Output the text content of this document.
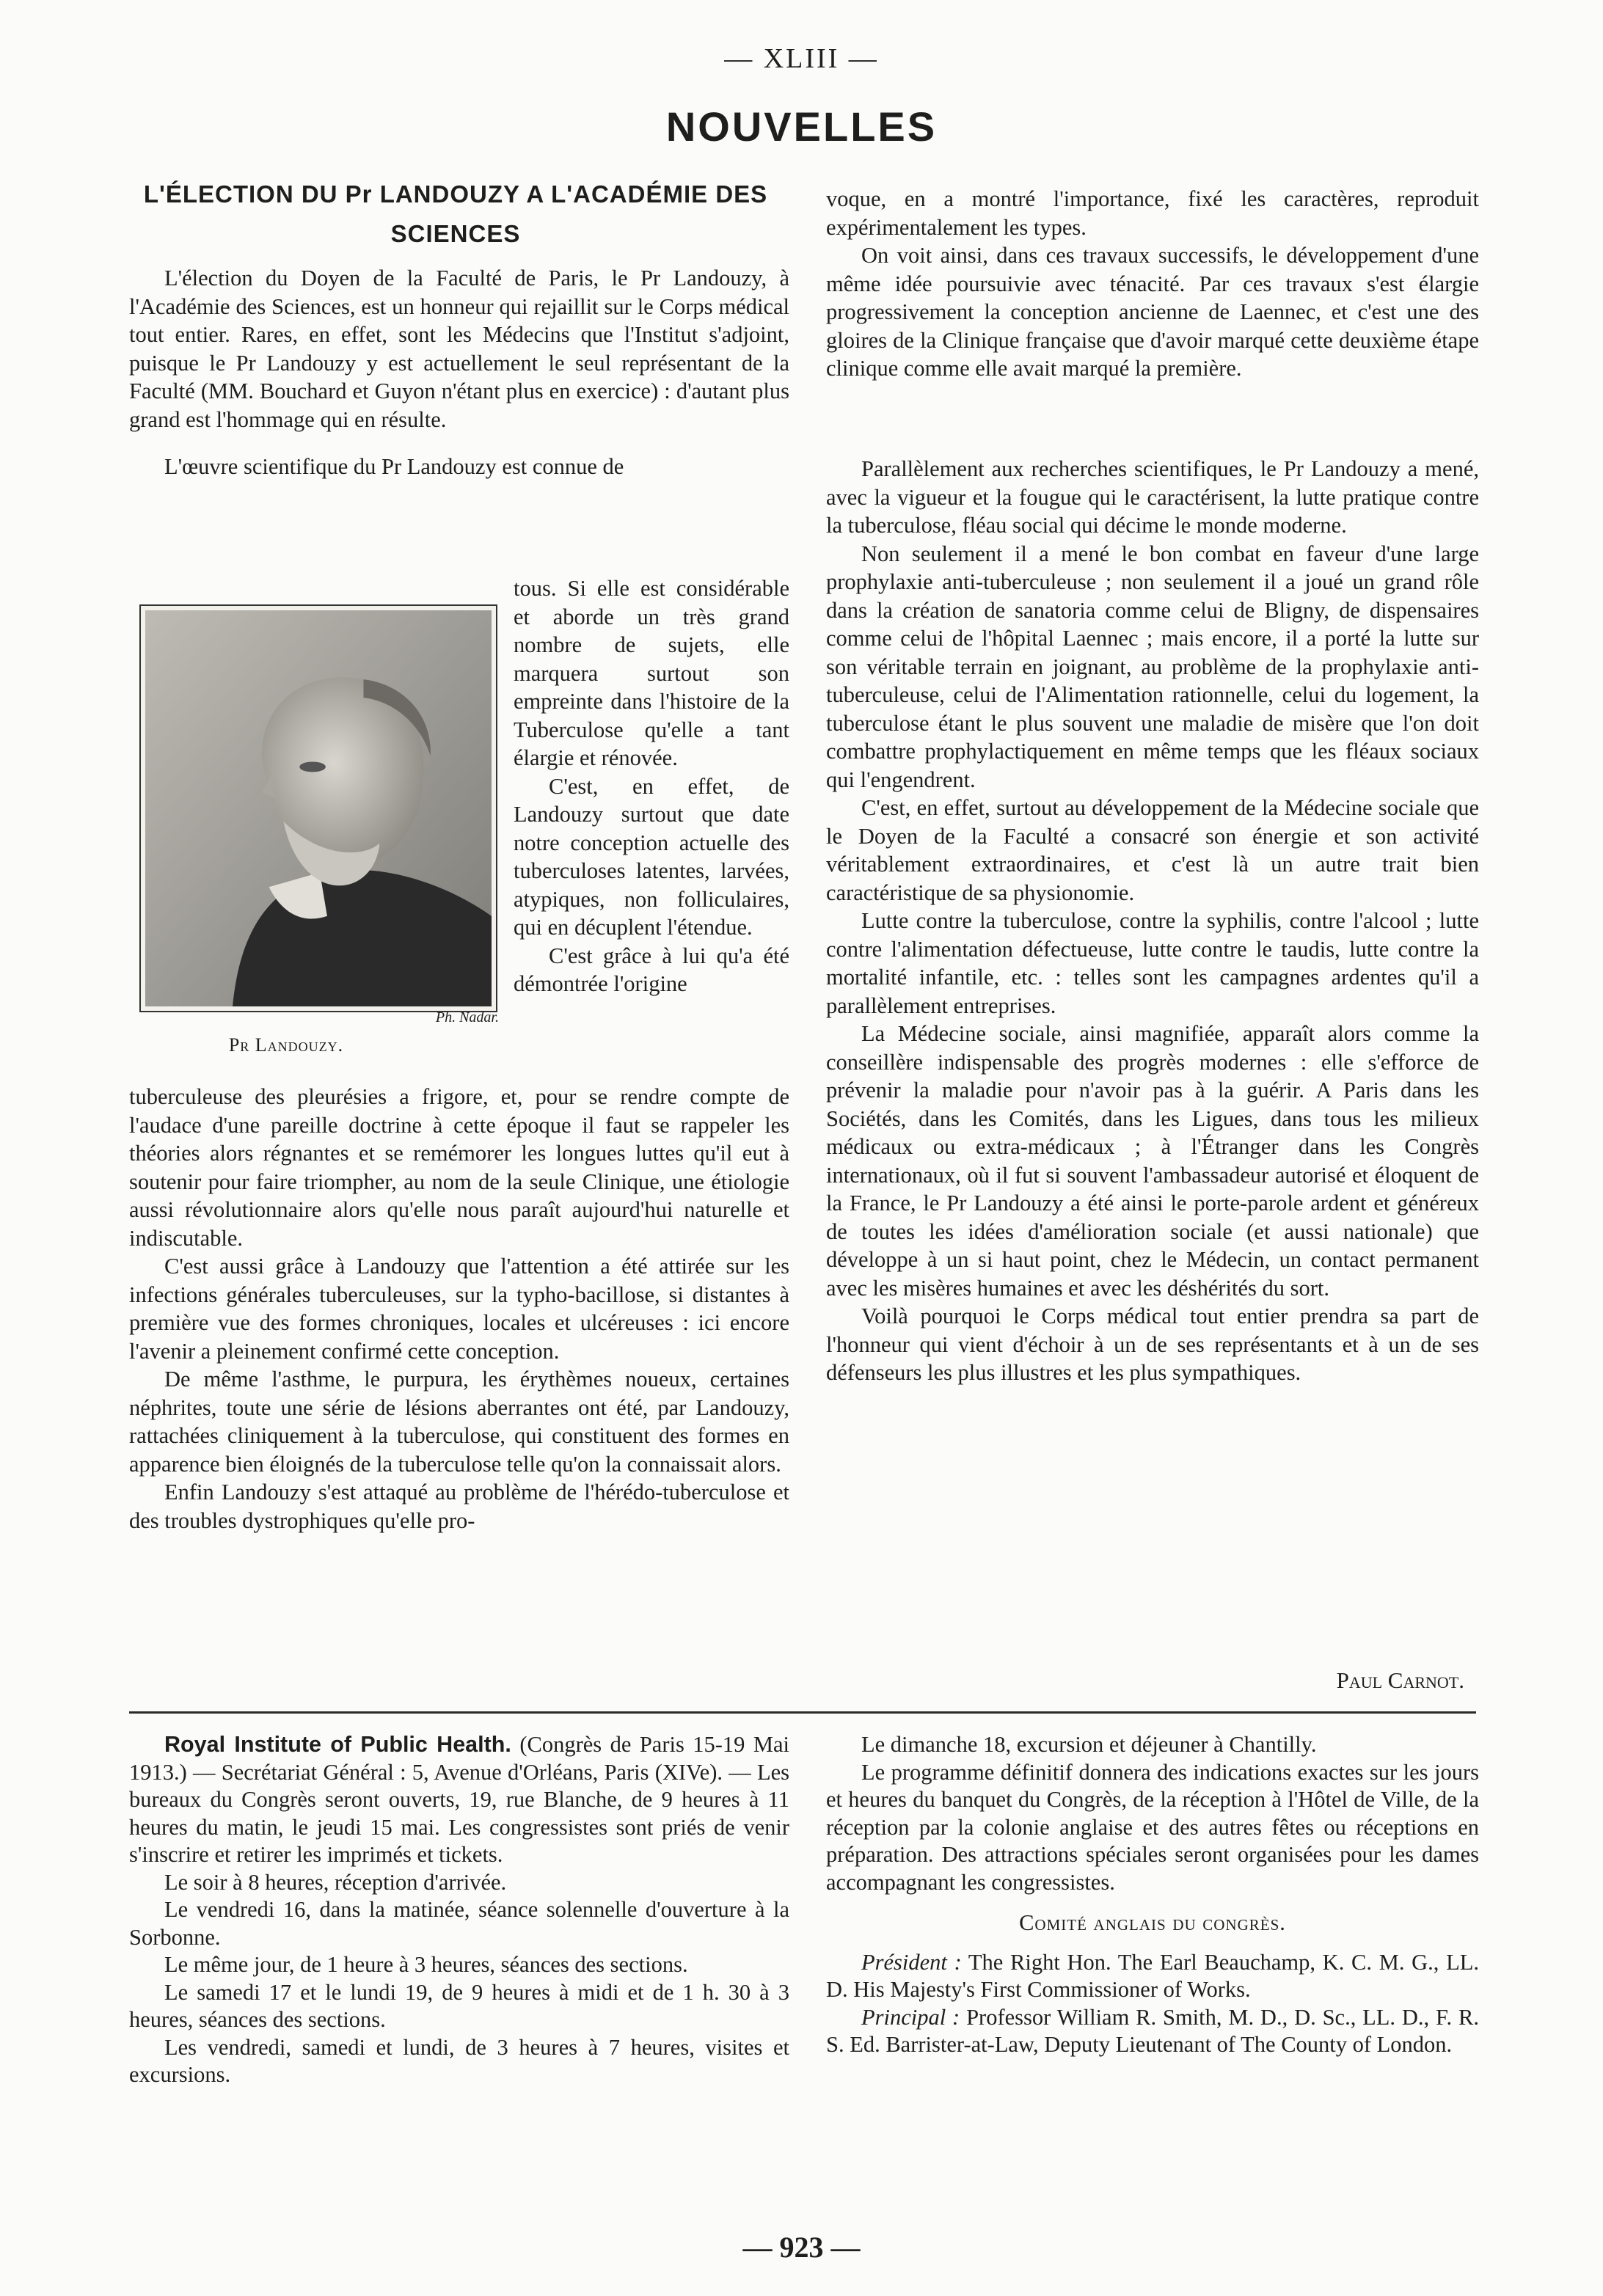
— XLIII —
NOUVELLES
L'ÉLECTION DU Pr LANDOUZY A L'ACADÉMIE DES SCIENCES

L'élection du Doyen de la Faculté de Paris, le Pr Landouzy, à l'Académie des Sciences, est un honneur qui rejaillit sur le Corps médical tout entier. Rares, en effet, sont les Médecins que l'Institut s'adjoint, puisque le Pr Landouzy y est actuellement le seul représentant de la Faculté (MM. Bouchard et Guyon n'étant plus en exercice) : d'autant plus grand est l'hommage qui en résulte.

L'œuvre scientifique du Pr Landouzy est connue de

Ph. Nadar.
Pr Landouzy.

tous. Si elle est considérable et aborde un très grand nombre de sujets, elle marquera surtout son empreinte dans l'histoire de la Tuberculose qu'elle a tant élargie et rénovée.

C'est, en effet, de Landouzy surtout que date notre conception actuelle des tuberculoses latentes, larvées, atypiques, non folliculaires, qui en décuplent l'étendue.

C'est grâce à lui qu'a été démontrée l'origine

tuberculeuse des pleurésies a frigore, et, pour se rendre compte de l'audace d'une pareille doctrine à cette époque il faut se rappeler les théories alors régnantes et se remémorer les longues luttes qu'il eut à soutenir pour faire triompher, au nom de la seule Clinique, une étiologie aussi révolutionnaire alors qu'elle nous paraît aujourd'hui naturelle et indiscutable.

C'est aussi grâce à Landouzy que l'attention a été attirée sur les infections générales tuberculeuses, sur la typho-bacillose, si distantes à première vue des formes chroniques, locales et ulcéreuses : ici encore l'avenir a pleinement confirmé cette conception.

De même l'asthme, le purpura, les érythèmes noueux, certaines néphrites, toute une série de lésions aberrantes ont été, par Landouzy, rattachées cliniquement à la tuberculose, qui constituent des formes en apparence bien éloignés de la tuberculose telle qu'on la connaissait alors.

Enfin Landouzy s'est attaqué au problème de l'hérédo-tuberculose et des troubles dystrophiques qu'elle pro-

voque, en a montré l'importance, fixé les caractères, reproduit expérimentalement les types.

On voit ainsi, dans ces travaux successifs, le développement d'une même idée poursuivie avec ténacité. Par ces travaux s'est élargie progressivement la conception ancienne de Laennec, et c'est une des gloires de la Clinique française que d'avoir marqué cette deuxième étape clinique comme elle avait marqué la première.

Parallèlement aux recherches scientifiques, le Pr Landouzy a mené, avec la vigueur et la fougue qui le caractérisent, la lutte pratique contre la tuberculose, fléau social qui décime le monde moderne.

Non seulement il a mené le bon combat en faveur d'une large prophylaxie anti-tuberculeuse ; non seulement il a joué un grand rôle dans la création de sanatoria comme celui de Bligny, de dispensaires comme celui de l'hôpital Laennec ; mais encore, il a porté la lutte sur son véritable terrain en joignant, au problème de la prophylaxie anti-tuberculeuse, celui de l'Alimentation rationnelle, celui du logement, la tuberculose étant le plus souvent une maladie de misère que l'on doit combattre prophylactiquement en même temps que les fléaux sociaux qui l'engendrent.

C'est, en effet, surtout au développement de la Médecine sociale que le Doyen de la Faculté a consacré son énergie et son activité véritablement extraordinaires, et c'est là un autre trait bien caractéristique de sa physionomie.

Lutte contre la tuberculose, contre la syphilis, contre l'alcool ; lutte contre l'alimentation défectueuse, lutte contre le taudis, lutte contre la mortalité infantile, etc. : telles sont les campagnes ardentes qu'il a parallèlement entreprises.

La Médecine sociale, ainsi magnifiée, apparaît alors comme la conseillère indispensable des progrès modernes : elle s'efforce de prévenir la maladie pour n'avoir pas à la guérir. A Paris dans les Sociétés, dans les Comités, dans les Ligues, dans tous les milieux médicaux ou extra-médicaux ; à l'Étranger dans les Congrès internationaux, où il fut si souvent l'ambassadeur autorisé et éloquent de la France, le Pr Landouzy a été ainsi le porte-parole ardent et généreux de toutes les idées d'amélioration sociale (et aussi nationale) que développe à un si haut point, chez le Médecin, un contact permanent avec les misères humaines et avec les déshérités du sort.

Voilà pourquoi le Corps médical tout entier prendra sa part de l'honneur qui vient d'échoir à un de ses représentants et à un de ses défenseurs les plus illustres et les plus sympathiques.

Paul Carnot.

Royal Institute of Public Health. (Congrès de Paris 15-19 Mai 1913.) — Secrétariat Général : 5, Avenue d'Orléans, Paris (XIVe). — Les bureaux du Congrès seront ouverts, 19, rue Blanche, de 9 heures à 11 heures du matin, le jeudi 15 mai. Les congressistes sont priés de venir s'inscrire et retirer les imprimés et tickets.

Le soir à 8 heures, réception d'arrivée.

Le vendredi 16, dans la matinée, séance solennelle d'ouverture à la Sorbonne.

Le même jour, de 1 heure à 3 heures, séances des sections.

Le samedi 17 et le lundi 19, de 9 heures à midi et de 1 h. 30 à 3 heures, séances des sections.

Les vendredi, samedi et lundi, de 3 heures à 7 heures, visites et excursions.

Le dimanche 18, excursion et déjeuner à Chantilly.

Le programme définitif donnera des indications exactes sur les jours et heures du banquet du Congrès, de la réception à l'Hôtel de Ville, de la réception par la colonie anglaise et des autres fêtes ou réceptions en préparation. Des attractions spéciales seront organisées pour les dames accompagnant les congressistes.

Comité anglais du congrès.

Président : The Right Hon. The Earl Beauchamp, K. C. M. G., LL. D. His Majesty's First Commissioner of Works.

Principal : Professor William R. Smith, M. D., D. Sc., LL. D., F. R. S. Ed. Barrister-at-Law, Deputy Lieutenant of The County of London.

— 923 —
